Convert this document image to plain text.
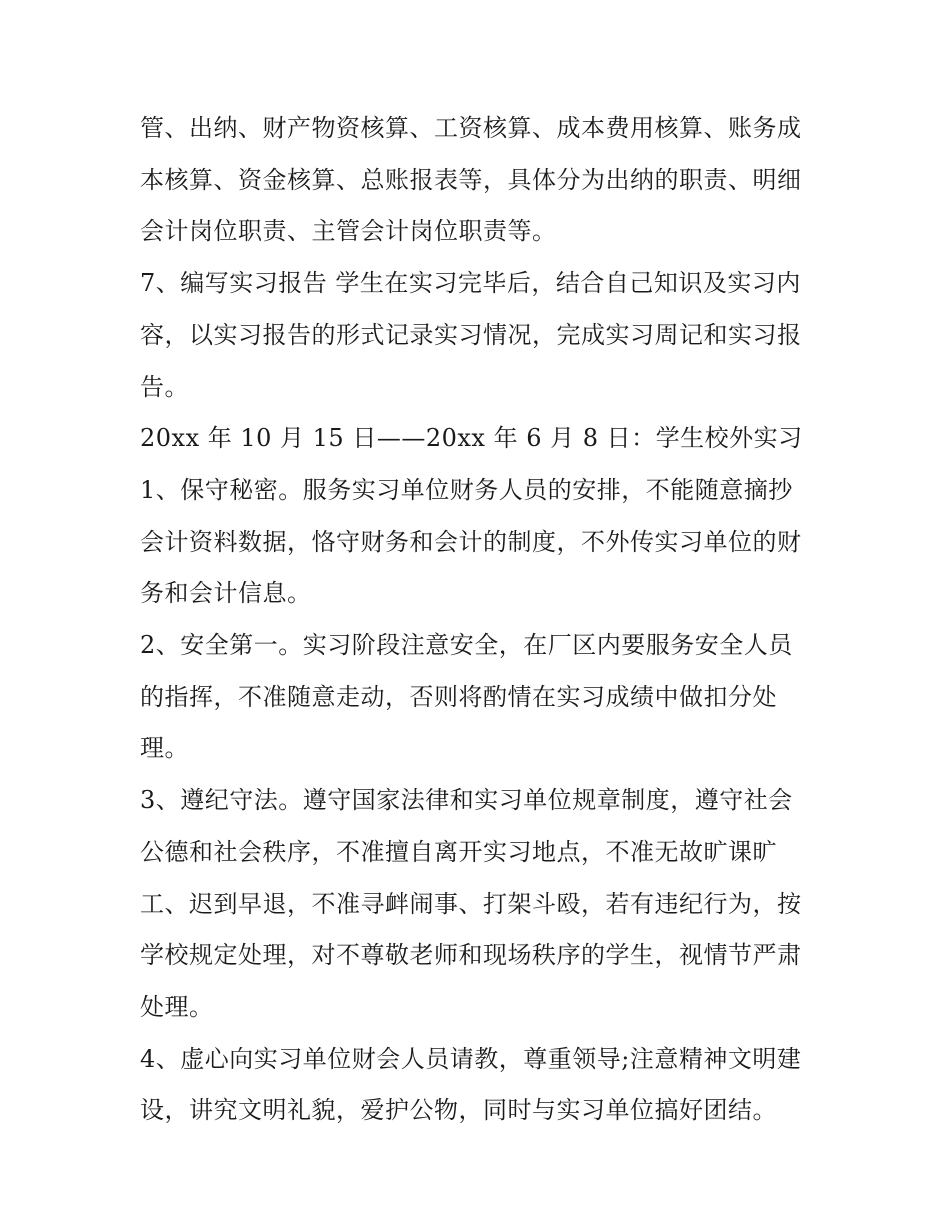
管、出纳、财产物资核算、工资核算、成本费用核算、账务成本核算、资金核算、总账报表等，具体分为出纳的职责、明细会计岗位职责、主管会计岗位职责等。

7、编写实习报告 学生在实习完毕后，结合自己知识及实习内容，以实习报告的形式记录实习情况，完成实习周记和实习报告。

20xx 年 10 月 15 日——20xx 年 6 月 8 日：学生校外实习

1、保守秘密。服务实习单位财务人员的安排，不能随意摘抄会计资料数据，恪守财务和会计的制度，不外传实习单位的财务和会计信息。

2、安全第一。实习阶段注意安全，在厂区内要服务安全人员的指挥，不准随意走动，否则将酌情在实习成绩中做扣分处理。

3、遵纪守法。遵守国家法律和实习单位规章制度，遵守社会公德和社会秩序，不准擅自离开实习地点，不准无故旷课旷工、迟到早退，不准寻衅闹事、打架斗殴，若有违纪行为，按学校规定处理，对不尊敬老师和现场秩序的学生，视情节严肃处理。

4、虚心向实习单位财会人员请教，尊重领导;注意精神文明建设，讲究文明礼貌，爱护公物，同时与实习单位搞好团结。
